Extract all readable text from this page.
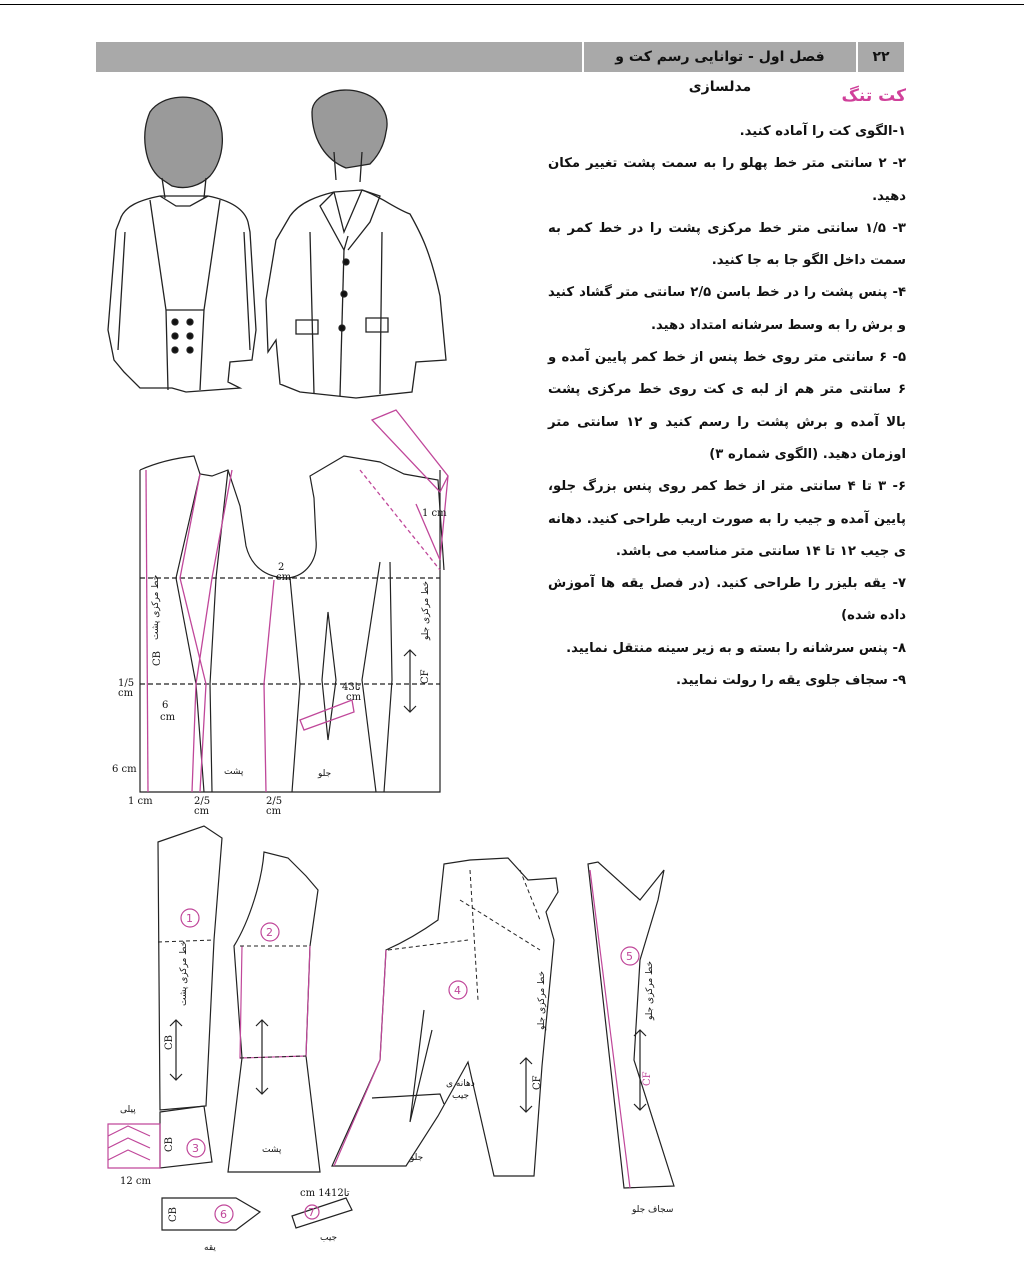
فصل اول - توانایی رسم کت و مدلسازی
۲۲
کت تنگ

۱-الگوی کت را آماده کنید.

۲- ۲ سانتی متر خط پهلو را به سمت پشت تغییر مکان دهید.

۳- ۱/۵ سانتی متر خط مرکزی پشت را در خط کمر به سمت داخل الگو جا به جا کنید.

۴- پنس پشت را در خط باسن ۲/۵ سانتی متر گشاد کنید و برش را به وسط سرشانه امتداد دهید.

۵- ۶ سانتی متر روی خط پنس از خط کمر پایین آمده و ۶ سانتی متر هم از لبه ی کت روی خط مرکزی پشت بالا آمده و برش پشت را رسم کنید و ۱۲ سانتی متر اوزمان دهید. (الگوی شماره ۳)

۶- ۳ تا ۴ سانتی متر از خط کمر روی پنس بزرگ جلو، پایین آمده و جیب را به صورت اریب طراحی کنید. دهانه ی جیب ۱۲ تا ۱۴ سانتی متر مناسب می باشد.

۷- یقه بلیزر را طراحی کنید. (در فصل یقه ها آموزش داده شده)

۸- پنس سرشانه را بسته و به زیر سینه منتقل نمایید.

۹- سجاف جلوی یقه را رولت نمایید.

2
cm
1/5
cm
6
cm
6 cm
1 cm	2/5
cm
2/5
cm
1 cm
4تا3
cm
CB
CF
خط مرکزی پشت	خط مرکزی جلو
پشت	جلو
1
2
3
4
5
6	7
CB
CB
CB
CF	CF
خط مرکزی پشت	خط مرکزی جلو	خط مرکزی جلو
پشت
جلو
دهانه ی
جیب
پیلی
12 cm
سجاف جلو
یقه
جیب
cm 14تا12
